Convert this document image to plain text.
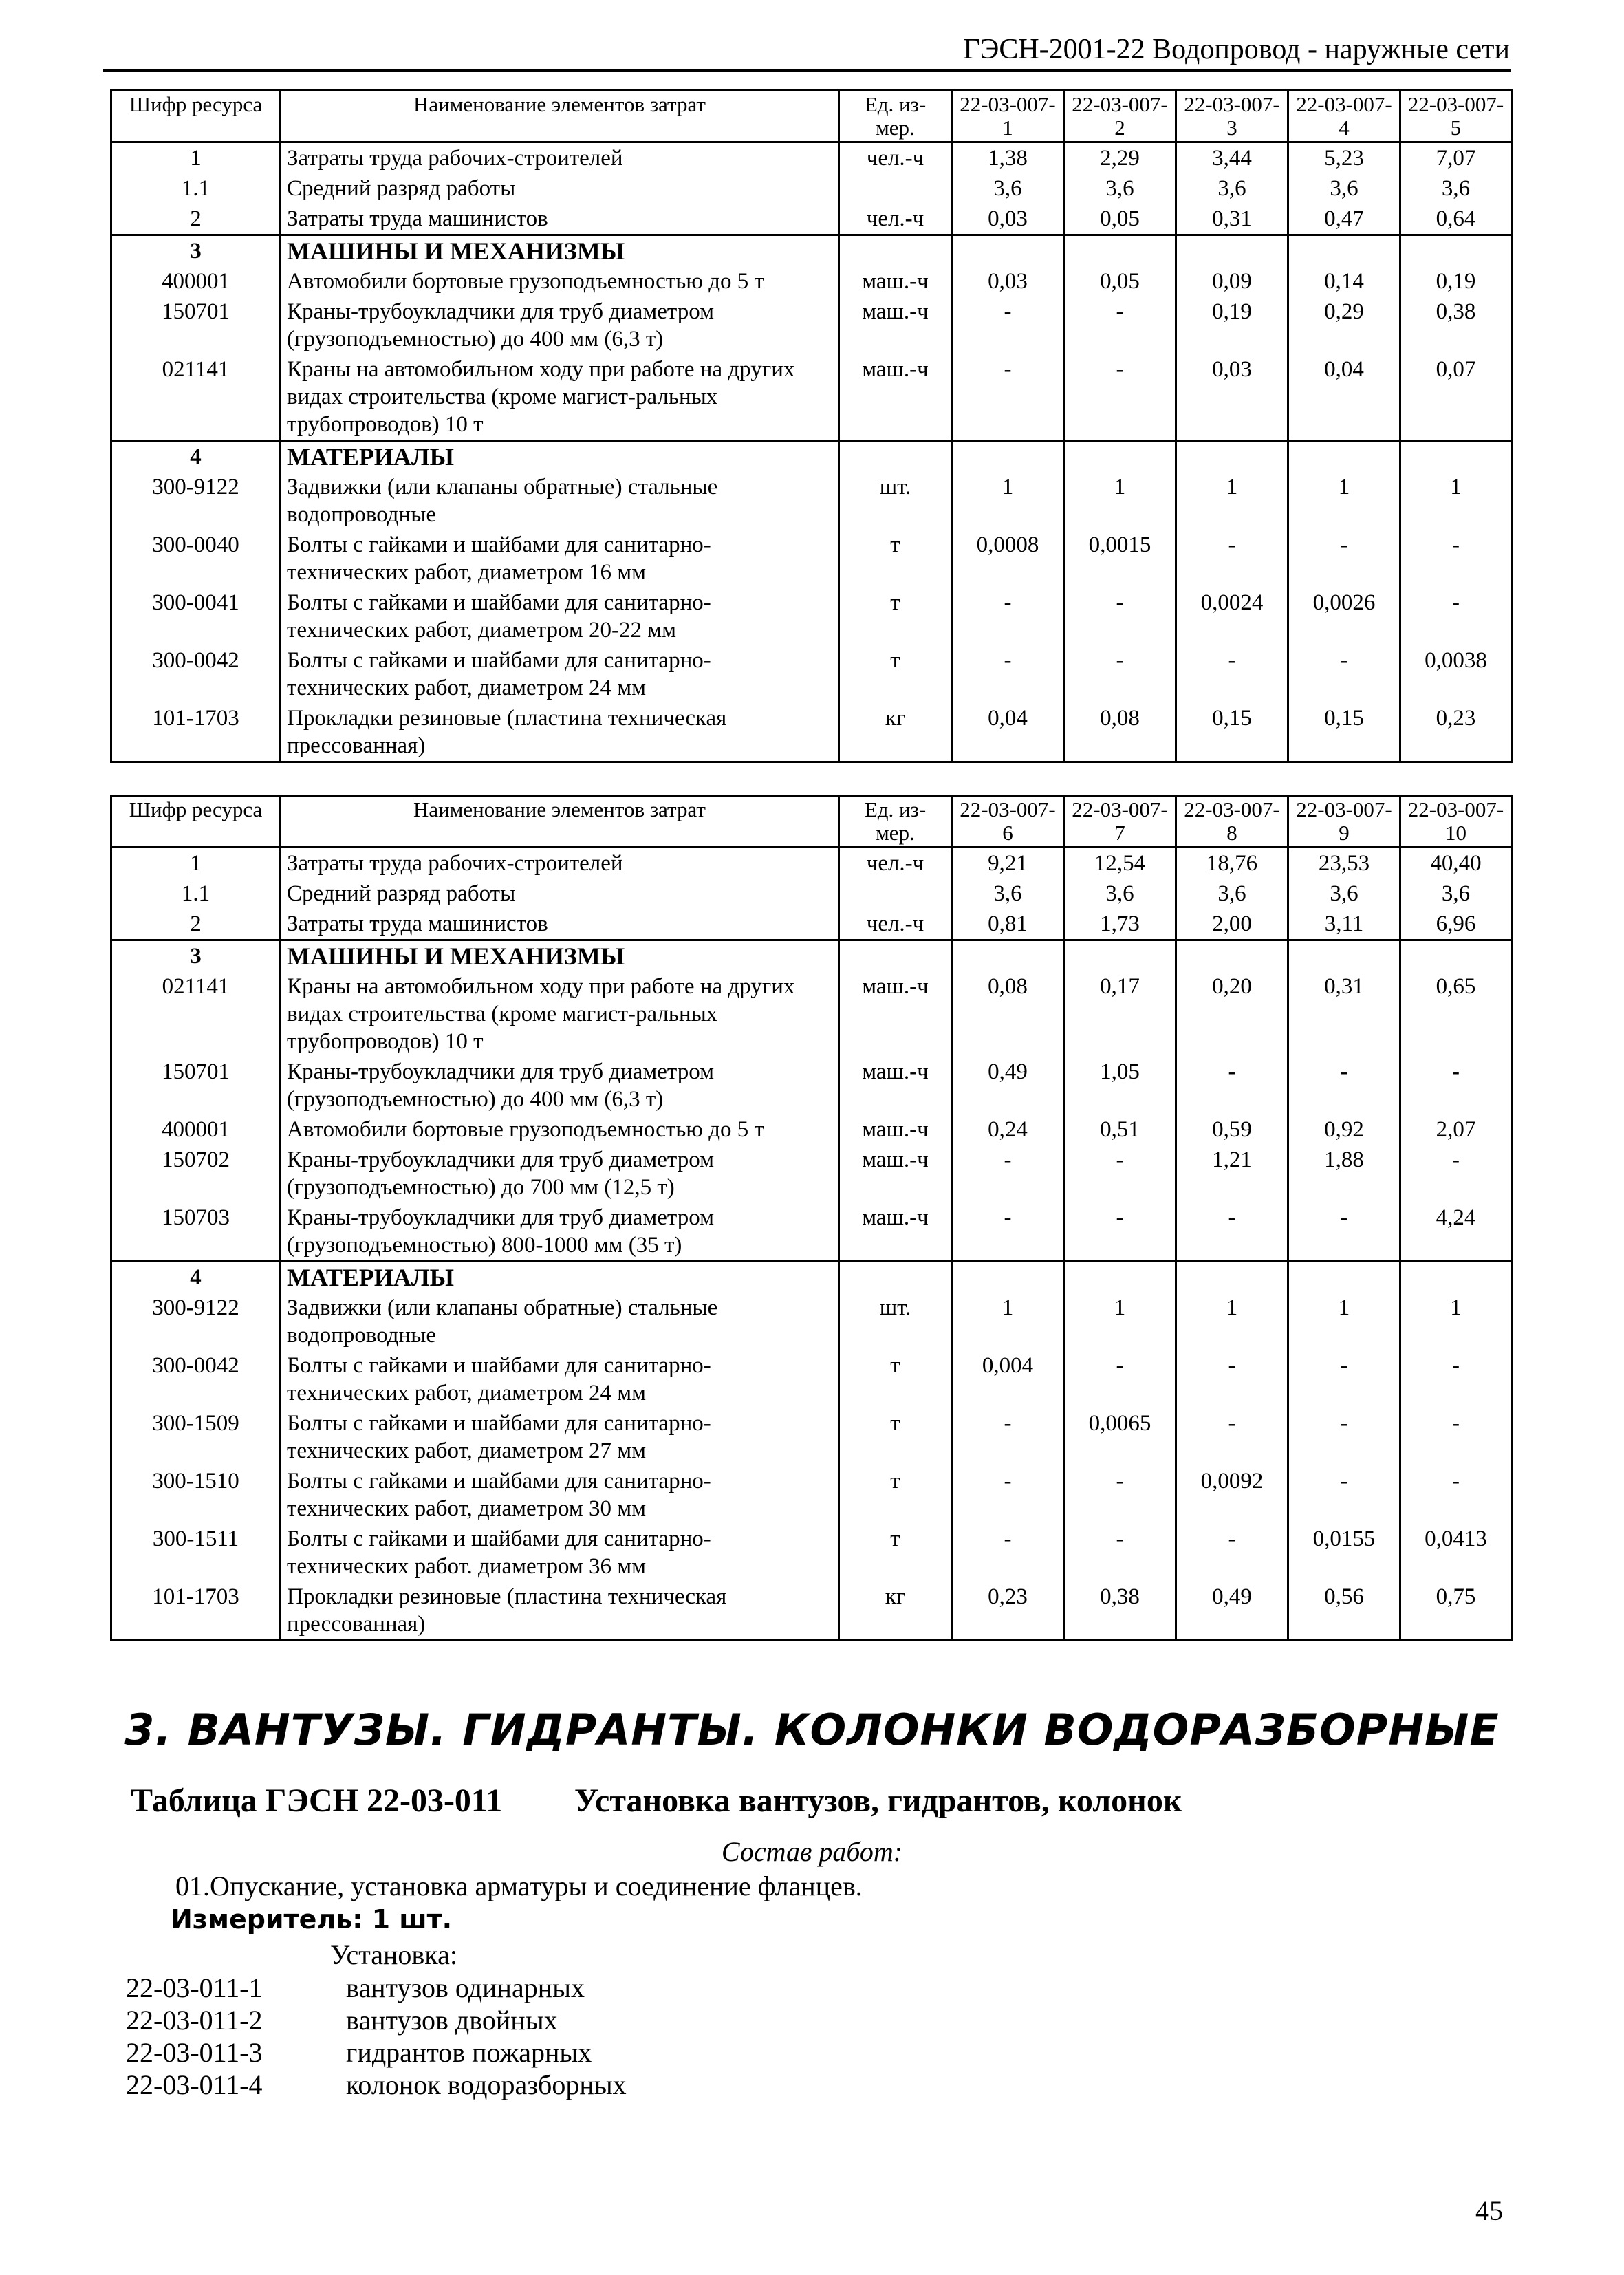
ГЭСН-2001-22 Водопровод - наружные сети
Шифр ресурса	Наименование элементов затрат	Ед. из-мер.	22-03-007-1	22-03-007-2	22-03-007-3	22-03-007-4	22-03-007-5
1	Затраты труда рабочих-строителей	чел.-ч	1,38	2,29	3,44	5,23	7,07
1.1	Средний разряд работы		3,6	3,6	3,6	3,6	3,6
2	Затраты труда машинистов	чел.-ч	0,03	0,05	0,31	0,47	0,64
3	МАШИНЫ И МЕХАНИЗМЫ						
400001	Автомобили бортовые грузоподъемностью до 5 т	маш.-ч	0,03	0,05	0,09	0,14	0,19
150701	Краны-трубоукладчики для труб диаметром (грузоподъемностью) до 400 мм (6,3 т)	маш.-ч	-	-	0,19	0,29	0,38
021141	Краны на автомобильном ходу при работе на других видах строительства (кроме магист-ральных трубопроводов) 10 т	маш.-ч	-	-	0,03	0,04	0,07
4	МАТЕРИАЛЫ						
300-9122	Задвижки (или клапаны обратные) стальные водопроводные	шт.	1	1	1	1	1
300-0040	Болты с гайками и шайбами для санитарно-технических работ, диаметром 16 мм	т	0,0008	0,0015	-	-	-
300-0041	Болты с гайками и шайбами для санитарно-технических работ, диаметром 20-22 мм	т	-	-	0,0024	0,0026	-
300-0042	Болты с гайками и шайбами для санитарно-технических работ, диаметром 24 мм	т	-	-	-	-	0,0038
101-1703	Прокладки резиновые (пластина техническая прессованная)	кг	0,04	0,08	0,15	0,15	0,23
Шифр ресурса	Наименование элементов затрат	Ед. из-мер.	22-03-007-6	22-03-007-7	22-03-007-8	22-03-007-9	22-03-007-10
1	Затраты труда рабочих-строителей	чел.-ч	9,21	12,54	18,76	23,53	40,40
1.1	Средний разряд работы		3,6	3,6	3,6	3,6	3,6
2	Затраты труда машинистов	чел.-ч	0,81	1,73	2,00	3,11	6,96
3	МАШИНЫ И МЕХАНИЗМЫ						
021141	Краны на автомобильном ходу при работе на других видах строительства (кроме магист-ральных трубопроводов) 10 т	маш.-ч	0,08	0,17	0,20	0,31	0,65
150701	Краны-трубоукладчики для труб диаметром (грузоподъемностью) до 400 мм (6,3 т)	маш.-ч	0,49	1,05	-	-	-
400001	Автомобили бортовые грузоподъемностью до 5 т	маш.-ч	0,24	0,51	0,59	0,92	2,07
150702	Краны-трубоукладчики для труб диаметром (грузоподъемностью) до 700 мм (12,5 т)	маш.-ч	-	-	1,21	1,88	-
150703	Краны-трубоукладчики для труб диаметром (грузоподъемностью) 800-1000 мм (35 т)	маш.-ч	-	-	-	-	4,24
4	МАТЕРИАЛЫ						
300-9122	Задвижки (или клапаны обратные) стальные водопроводные	шт.	1	1	1	1	1
300-0042	Болты с гайками и шайбами для санитарно-технических работ, диаметром 24 мм	т	0,004	-	-	-	-
300-1509	Болты с гайками и шайбами для санитарно-технических работ, диаметром 27 мм	т	-	0,0065	-	-	-
300-1510	Болты с гайками и шайбами для санитарно-технических работ, диаметром 30 мм	т	-	-	0,0092	-	-
300-1511	Болты с гайками и шайбами для санитарно-технических работ. диаметром 36 мм	т	-	-	-	0,0155	0,0413
101-1703	Прокладки резиновые (пластина техническая прессованная)	кг	0,23	0,38	0,49	0,56	0,75
3. ВАНТУЗЫ. ГИДРАНТЫ. КОЛОНКИ ВОДОРАЗБОРНЫЕ
Таблица ГЭСН 22-03-011 Установка вантузов, гидрантов, колонок
Состав работ:
01.Опускание, установка арматуры и соединение фланцев.
Измеритель: 1 шт.
Установка:
22-03-011-1	вантузов одинарных
22-03-011-2	вантузов двойных
22-03-011-3	гидрантов пожарных
22-03-011-4	колонок водоразборных
45
